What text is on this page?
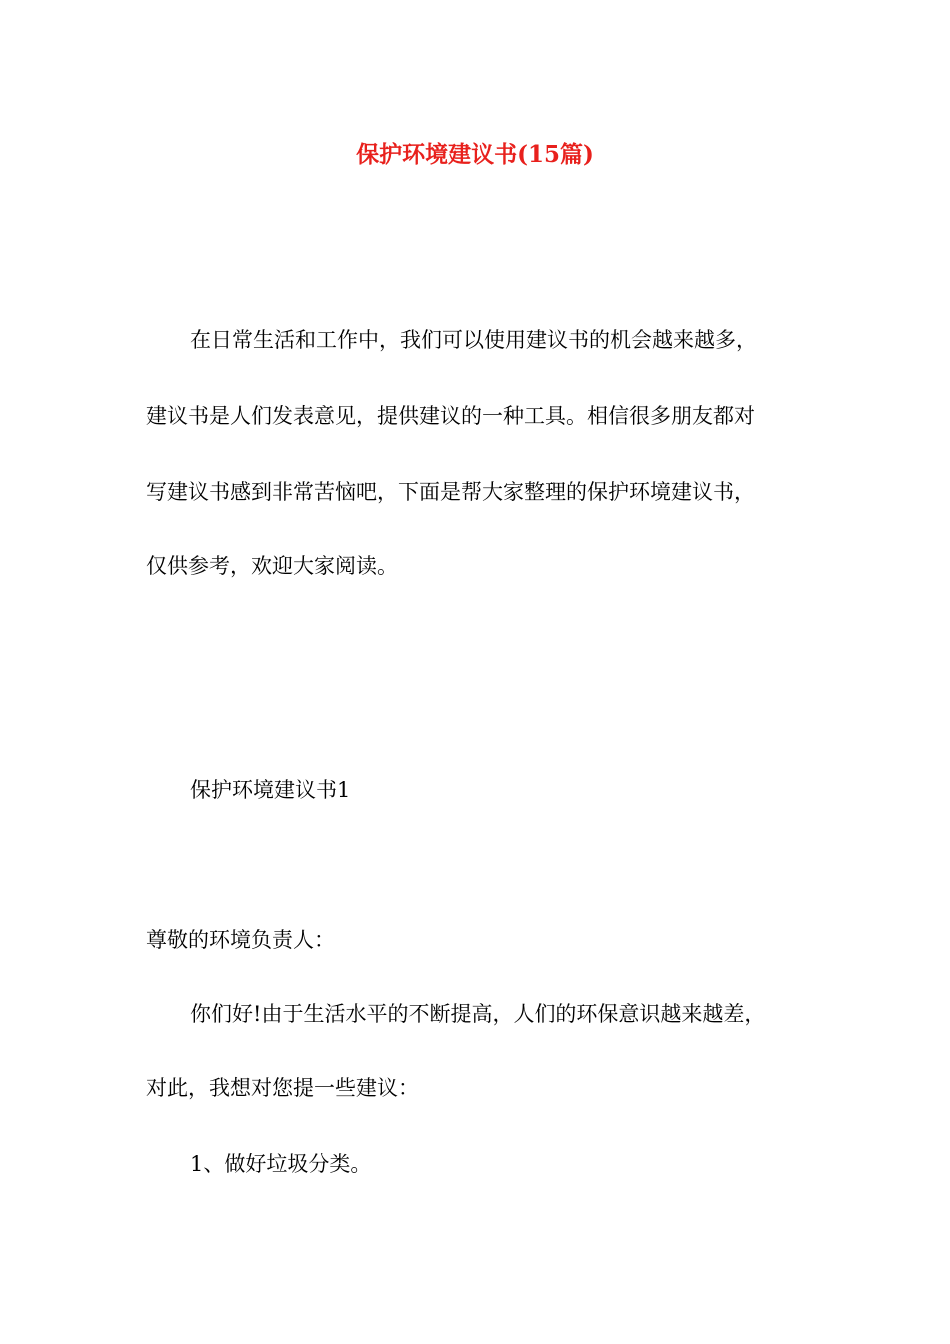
保护环境建议书(15篇)
在日常生活和工作中，我们可以使用建议书的机会越来越多，
建议书是人们发表意见，提供建议的一种工具。相信很多朋友都对
写建议书感到非常苦恼吧，下面是帮大家整理的保护环境建议书，
仅供参考，欢迎大家阅读。
保护环境建议书1
尊敬的环境负责人：
你们好!由于生活水平的不断提高，人们的环保意识越来越差，
对此，我想对您提一些建议：
1、做好垃圾分类。
